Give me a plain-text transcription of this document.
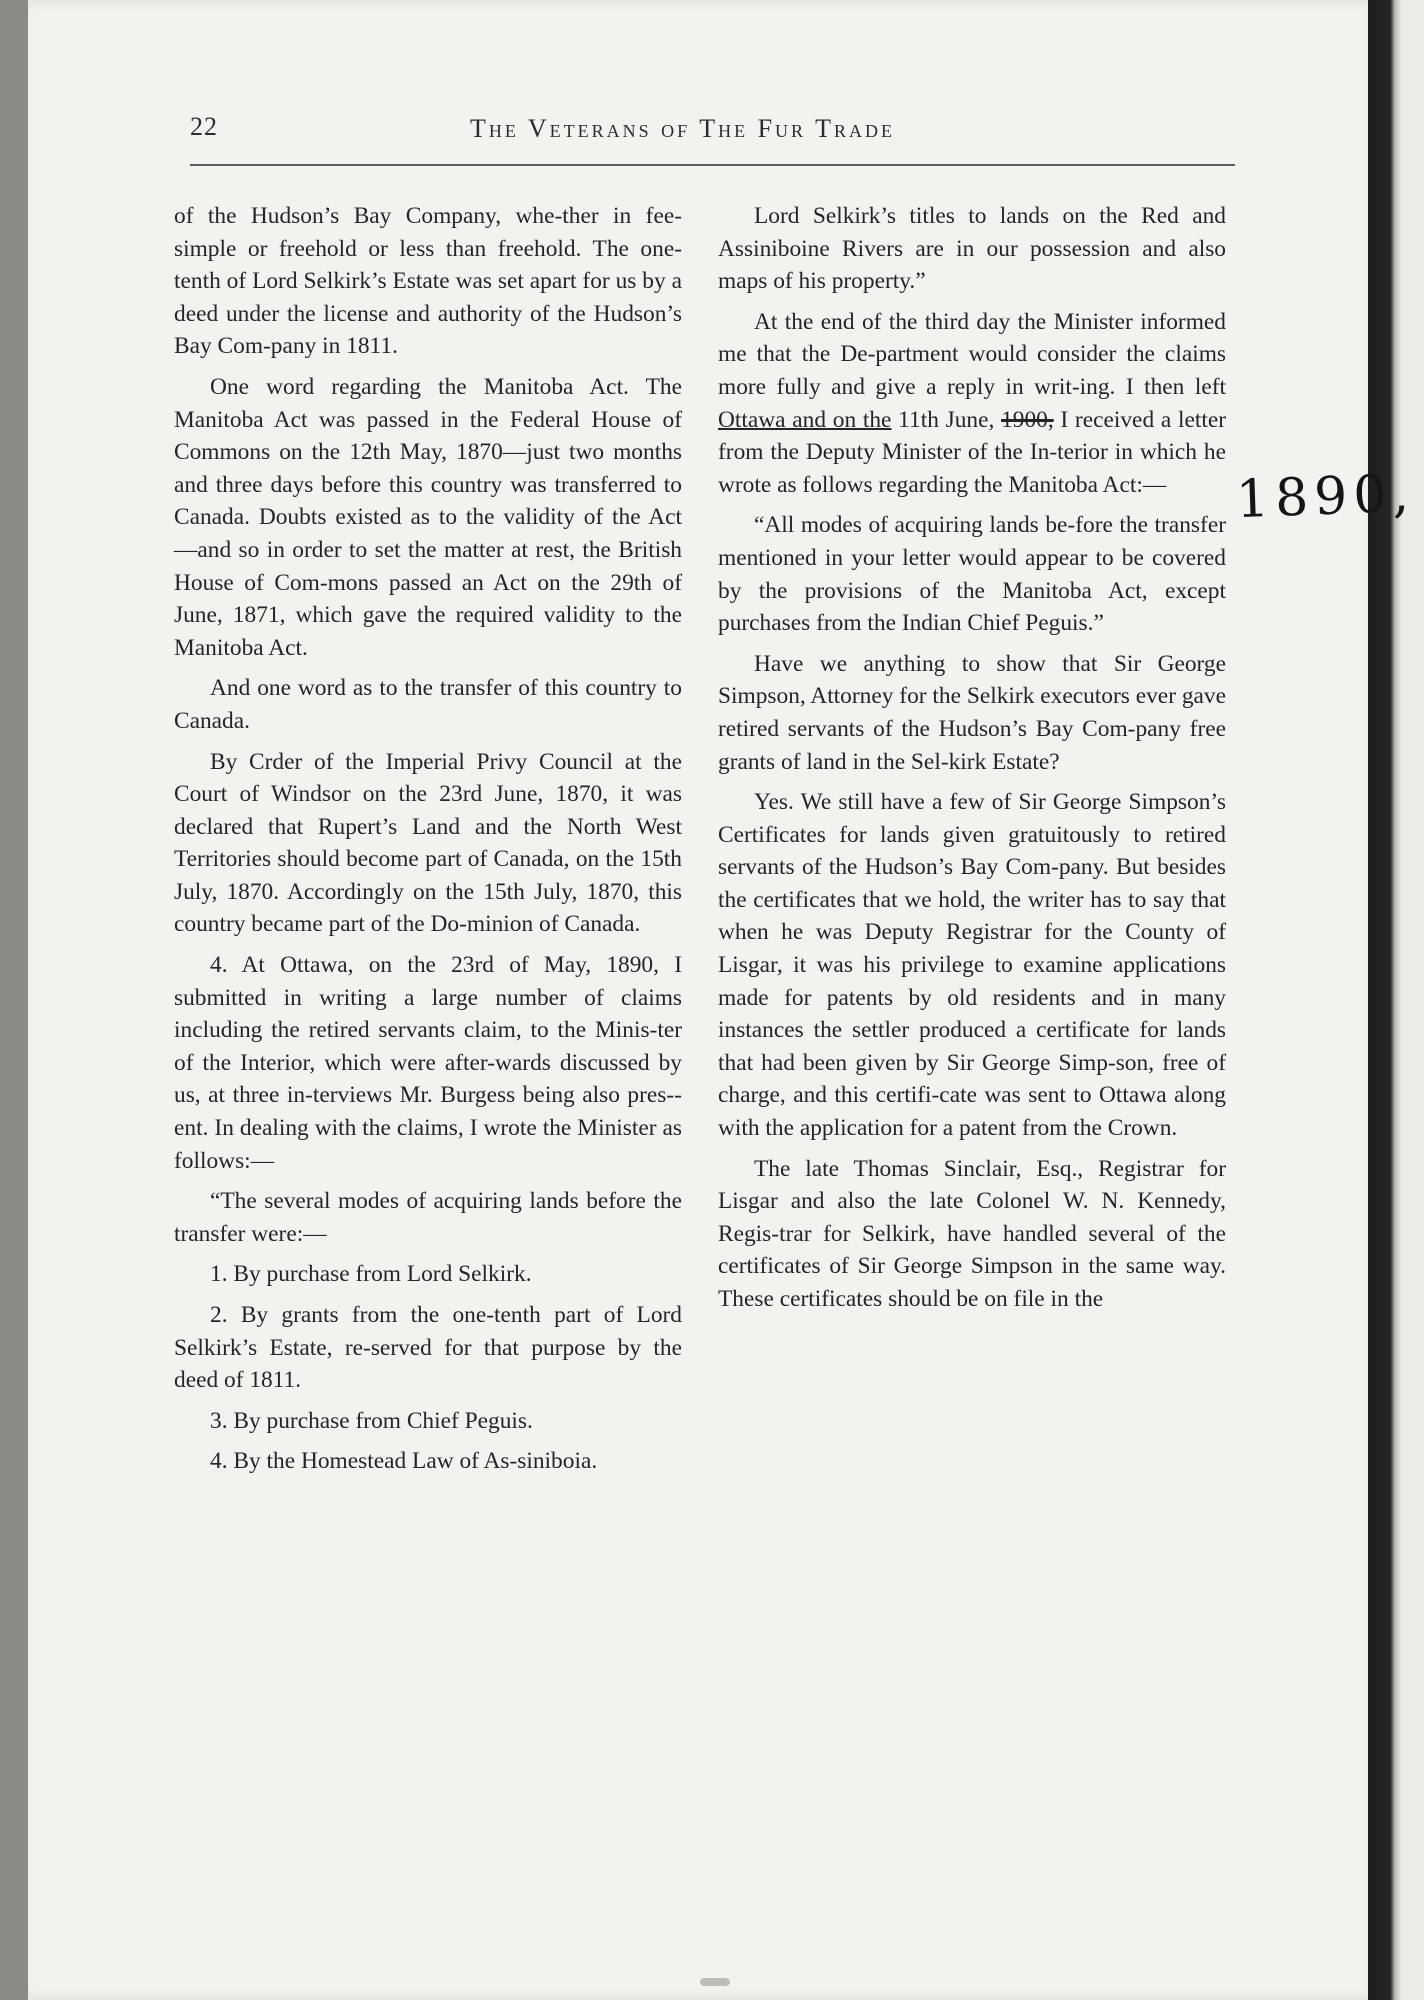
22	The Veterans of The Fur Trade

of the Hudson’s Bay Company, whe-ther in fee-simple or freehold or less than freehold. The one-tenth of Lord Selkirk’s Estate was set apart for us by a deed under the license and authority of the Hudson’s Bay Com-pany in 1811.

One word regarding the Manitoba Act. The Manitoba Act was passed in the Federal House of Commons on the 12th May, 1870—just two months and three days before this country was transferred to Canada. Doubts existed as to the validity of the Act —and so in order to set the matter at rest, the British House of Com-mons passed an Act on the 29th of June, 1871, which gave the required validity to the Manitoba Act.

And one word as to the transfer of this country to Canada.

By Crder of the Imperial Privy Council at the Court of Windsor on the 23rd June, 1870, it was declared that Rupert’s Land and the North West Territories should become part of Canada, on the 15th July, 1870. Accordingly on the 15th July, 1870, this country became part of the Do-minion of Canada.

4. At Ottawa, on the 23rd of May, 1890, I submitted in writing a large number of claims including the retired servants claim, to the Minis-ter of the Interior, which were after-wards discussed by us, at three in-terviews Mr. Burgess being also pres-ent. In dealing with the claims, I wrote the Minister as follows:—

“The several modes of acquiring lands before the transfer were:—

1. By purchase from Lord Selkirk.

2. By grants from the one-tenth part of Lord Selkirk’s Estate, re-served for that purpose by the deed of 1811.

3. By purchase from Chief Peguis.

4. By the Homestead Law of As-siniboia.

Lord Selkirk’s titles to lands on the Red and Assiniboine Rivers are in our possession and also maps of his property.”

At the end of the third day the Minister informed me that the De-partment would consider the claims more fully and give a reply in writ-ing. I then left Ottawa and on the 11th June, 1900, I received a letter from the Deputy Minister of the In-terior in which he wrote as follows regarding the Manitoba Act:—

“All modes of acquiring lands be-fore the transfer mentioned in your letter would appear to be covered by the provisions of the Manitoba Act, except purchases from the Indian Chief Peguis.”

Have we anything to show that Sir George Simpson, Attorney for the Selkirk executors ever gave retired servants of the Hudson’s Bay Com-pany free grants of land in the Sel-kirk Estate?

Yes. We still have a few of Sir George Simpson’s Certificates for lands given gratuitously to retired servants of the Hudson’s Bay Com-pany. But besides the certificates that we hold, the writer has to say that when he was Deputy Registrar for the County of Lisgar, it was his privilege to examine applications made for patents by old residents and in many instances the settler produced a certificate for lands that had been given by Sir George Simp-son, free of charge, and this certifi-cate was sent to Ottawa along with the application for a patent from the Crown.

The late Thomas Sinclair, Esq., Registrar for Lisgar and also the late Colonel W. N. Kennedy, Regis-trar for Selkirk, have handled several of the certificates of Sir George Simpson in the same way. These certificates should be on file in the

1890,
